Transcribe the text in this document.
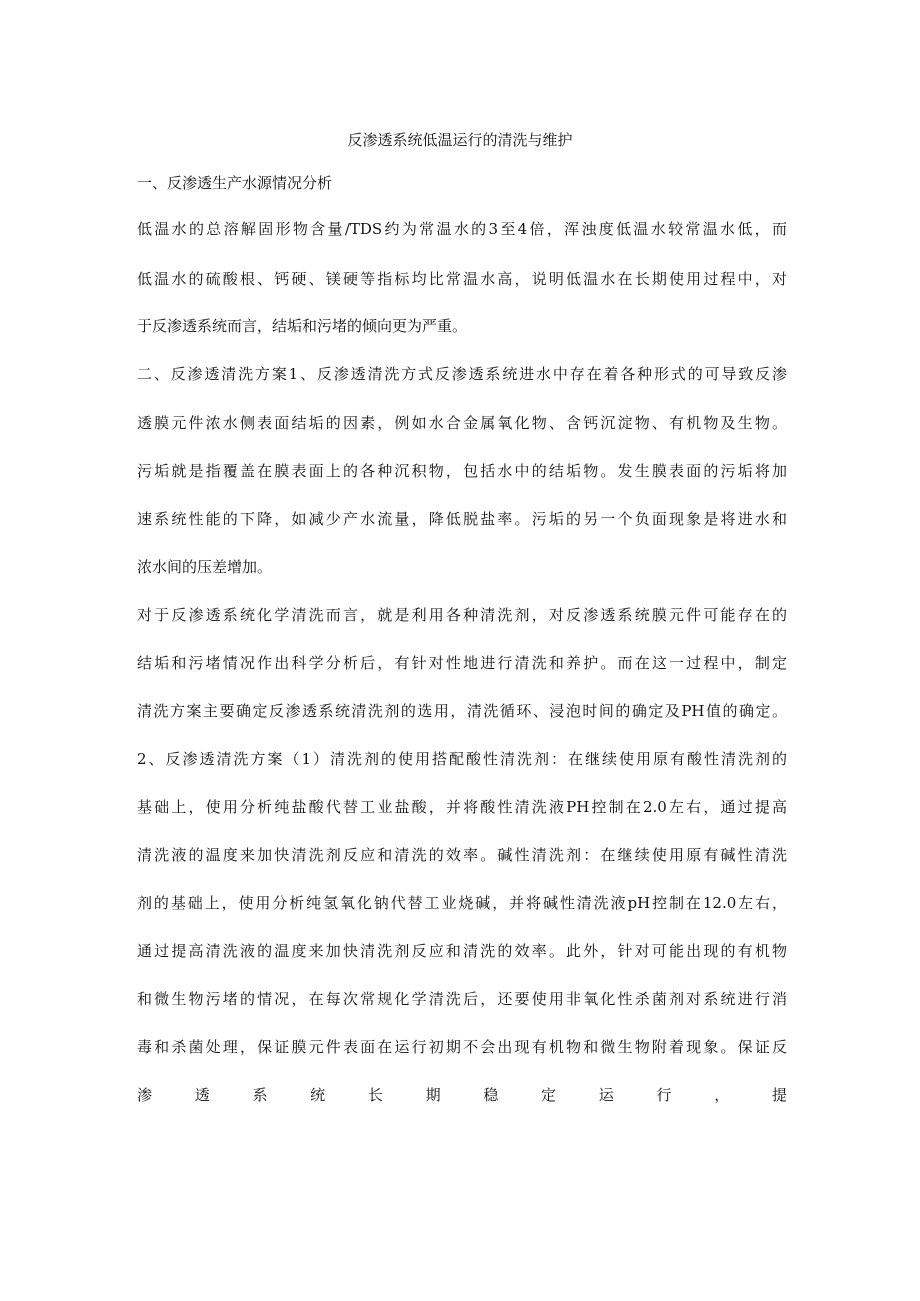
反渗透系统低温运行的清洗与维护
一、反渗透生产水源情况分析
低温水的总溶解固形物含量/TDS约为常温水的3至4倍，浑浊度低温水较常温水低，而
低温水的硫酸根、钙硬、镁硬等指标均比常温水高，说明低温水在长期使用过程中，对
于反渗透系统而言，结垢和污堵的倾向更为严重。
二、反渗透清洗方案1、反渗透清洗方式反渗透系统进水中存在着各种形式的可导致反渗
透膜元件浓水侧表面结垢的因素，例如水合金属氧化物、含钙沉淀物、有机物及生物。
污垢就是指覆盖在膜表面上的各种沉积物，包括水中的结垢物。发生膜表面的污垢将加
速系统性能的下降，如减少产水流量，降低脱盐率。污垢的另一个负面现象是将进水和
浓水间的压差增加。
对于反渗透系统化学清洗而言，就是利用各种清洗剂，对反渗透系统膜元件可能存在的
结垢和污堵情况作出科学分析后，有针对性地进行清洗和养护。而在这一过程中，制定
清洗方案主要确定反渗透系统清洗剂的选用，清洗循环、浸泡时间的确定及PH值的确定。
2、反渗透清洗方案（1）清洗剂的使用搭配酸性清洗剂：在继续使用原有酸性清洗剂的
基础上，使用分析纯盐酸代替工业盐酸，并将酸性清洗液PH控制在2.0左右，通过提高
清洗液的温度来加快清洗剂反应和清洗的效率。碱性清洗剂：在继续使用原有碱性清洗
剂的基础上，使用分析纯氢氧化钠代替工业烧碱，并将碱性清洗液pH控制在12.0左右，
通过提高清洗液的温度来加快清洗剂反应和清洗的效率。此外，针对可能出现的有机物
和微生物污堵的情况，在每次常规化学清洗后，还要使用非氧化性杀菌剂对系统进行消
毒和杀菌处理，保证膜元件表面在运行初期不会出现有机物和微生物附着现象。保证反
渗	透	系	统	长	期	稳	定	运	行	，	提
